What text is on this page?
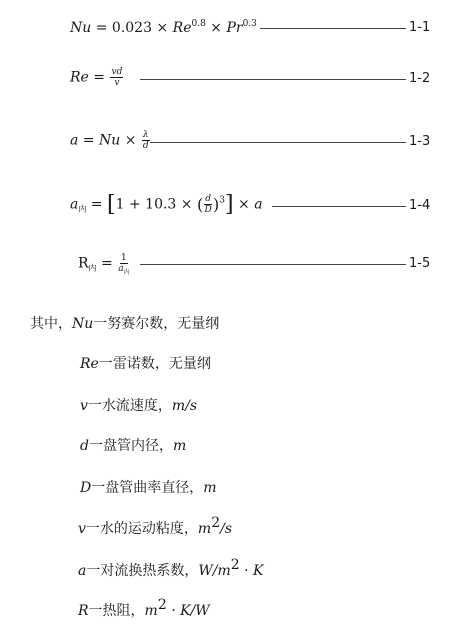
$Nu = 0.023 \times Re^{0.8} \times Pr^{0.3}$	1-1
$Re = \frac{vd}{v}$	1-2
$a = Nu \times \frac{\lambda}{d}$	1-3
$a_内 = [1 + 10.3$ × ( $\frac{d}{D} )^3] \times a$	1-4
$R_内 = \frac{1}{a_内}$	1-5
其中，Nu一努赛尔数，无量纲
Re一雷诺数，无量纲
v一水流速度，m/s
d一盘管内径，m
D一盘管曲率直径，m
v一水的运动粘度，$m^2/s$
a一对流换热系数，$W/m^2 \cdot K$
R一热阻，$m^2 \cdot K/W$
